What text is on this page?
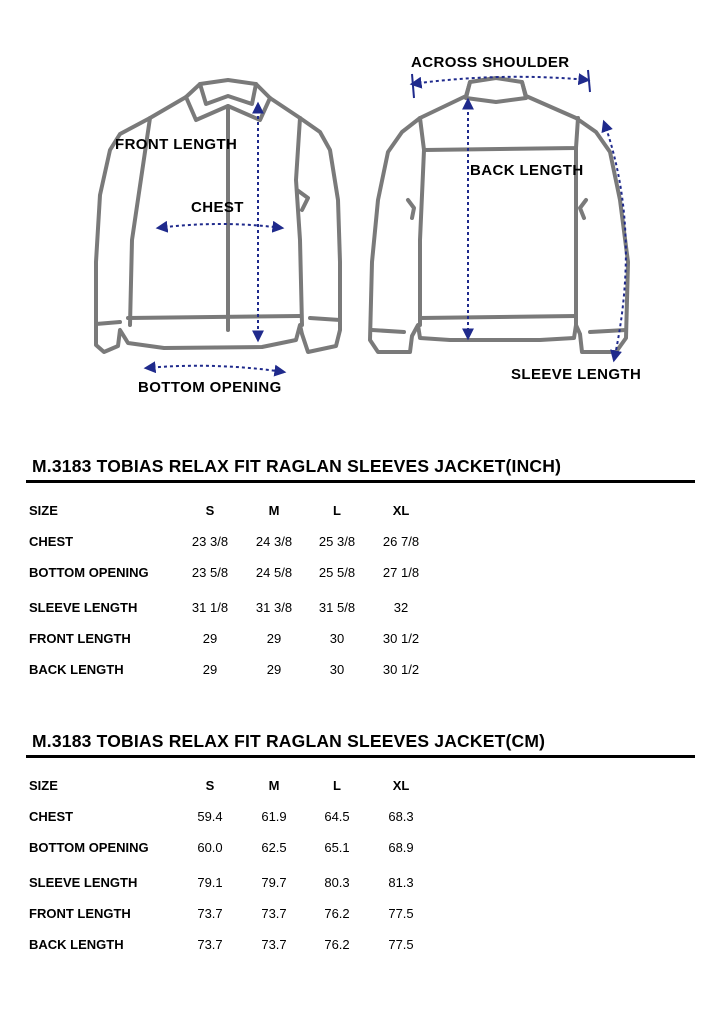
FRONT LENGTH
CHEST
BOTTOM OPENING
ACROSS SHOULDER
BACK LENGTH
SLEEVE LENGTH
M.3183 TOBIAS RELAX FIT RAGLAN SLEEVES JACKET(INCH)
SIZE	S	M	L	XL
CHEST	23 3/8	24 3/8	25 3/8	26 7/8
BOTTOM OPENING	23 5/8	24 5/8	25 5/8	27 1/8
SLEEVE LENGTH	31 1/8	31 3/8	31 5/8	32
FRONT LENGTH	29	29	30	30 1/2
BACK LENGTH	29	29	30	30 1/2
M.3183 TOBIAS RELAX FIT RAGLAN SLEEVES JACKET(CM)
SIZE	S	M	L	XL
CHEST	59.4	61.9	64.5	68.3
BOTTOM OPENING	60.0	62.5	65.1	68.9
SLEEVE LENGTH	79.1	79.7	80.3	81.3
FRONT LENGTH	73.7	73.7	76.2	77.5
BACK LENGTH	73.7	73.7	76.2	77.5
